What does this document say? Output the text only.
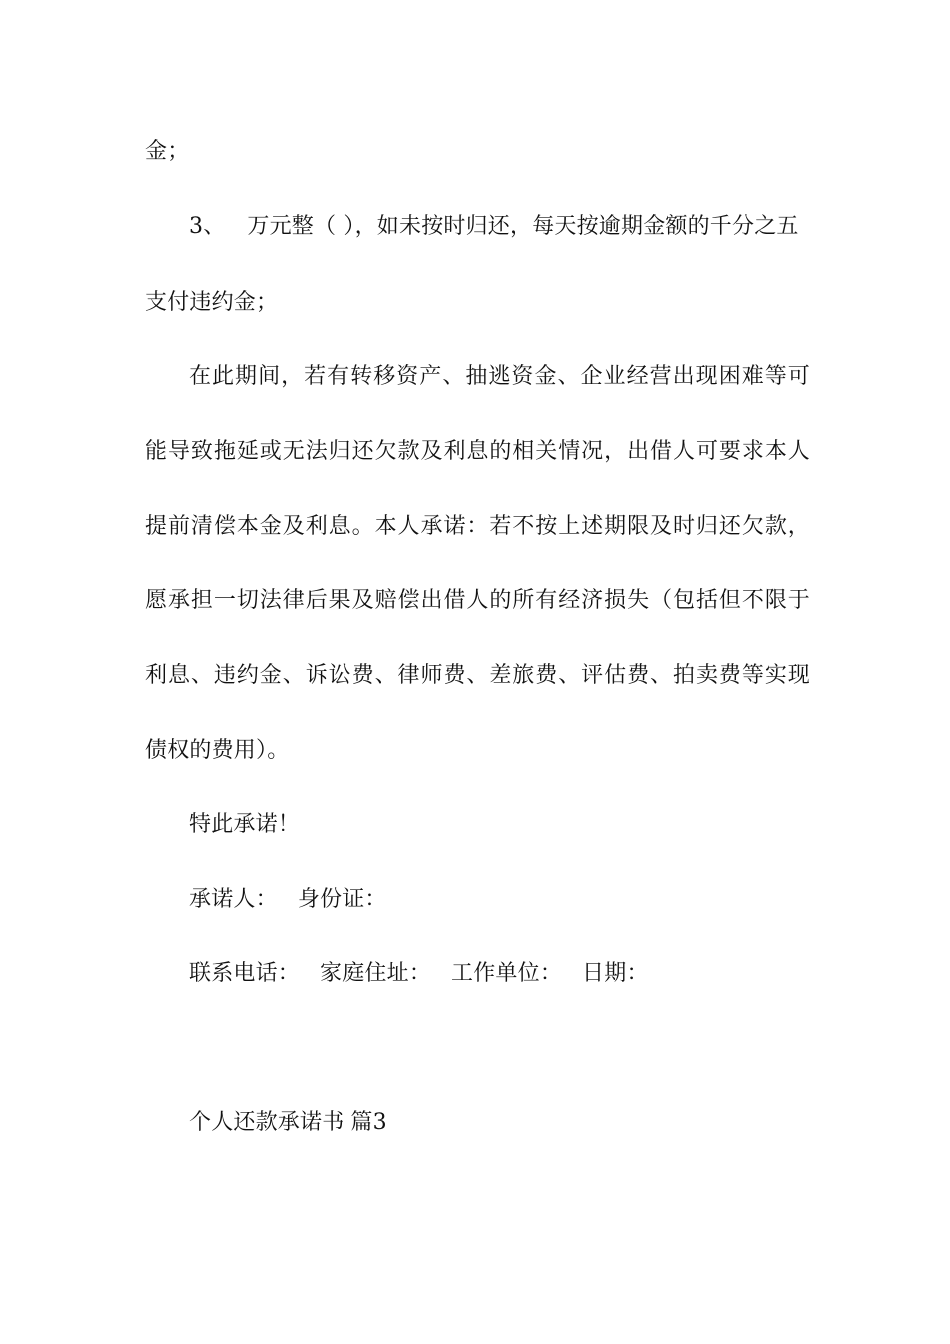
金；
3、 万元整（ ），如未按时归还，每天按逾期金额的千分之五
支付违约金；
在此期间，若有转移资产、抽逃资金、企业经营出现困难等可
能导致拖延或无法归还欠款及利息的相关情况，出借人可要求本人
提前清偿本金及利息。本人承诺：若不按上述期限及时归还欠款，
愿承担一切法律后果及赔偿出借人的所有经济损失（包括但不限于
利息、违约金、诉讼费、律师费、差旅费、评估费、拍卖费等实现
债权的费用）。
特此承诺！
承诺人： 身份证：
联系电话： 家庭住址： 工作单位： 日期：
个人还款承诺书 篇3
